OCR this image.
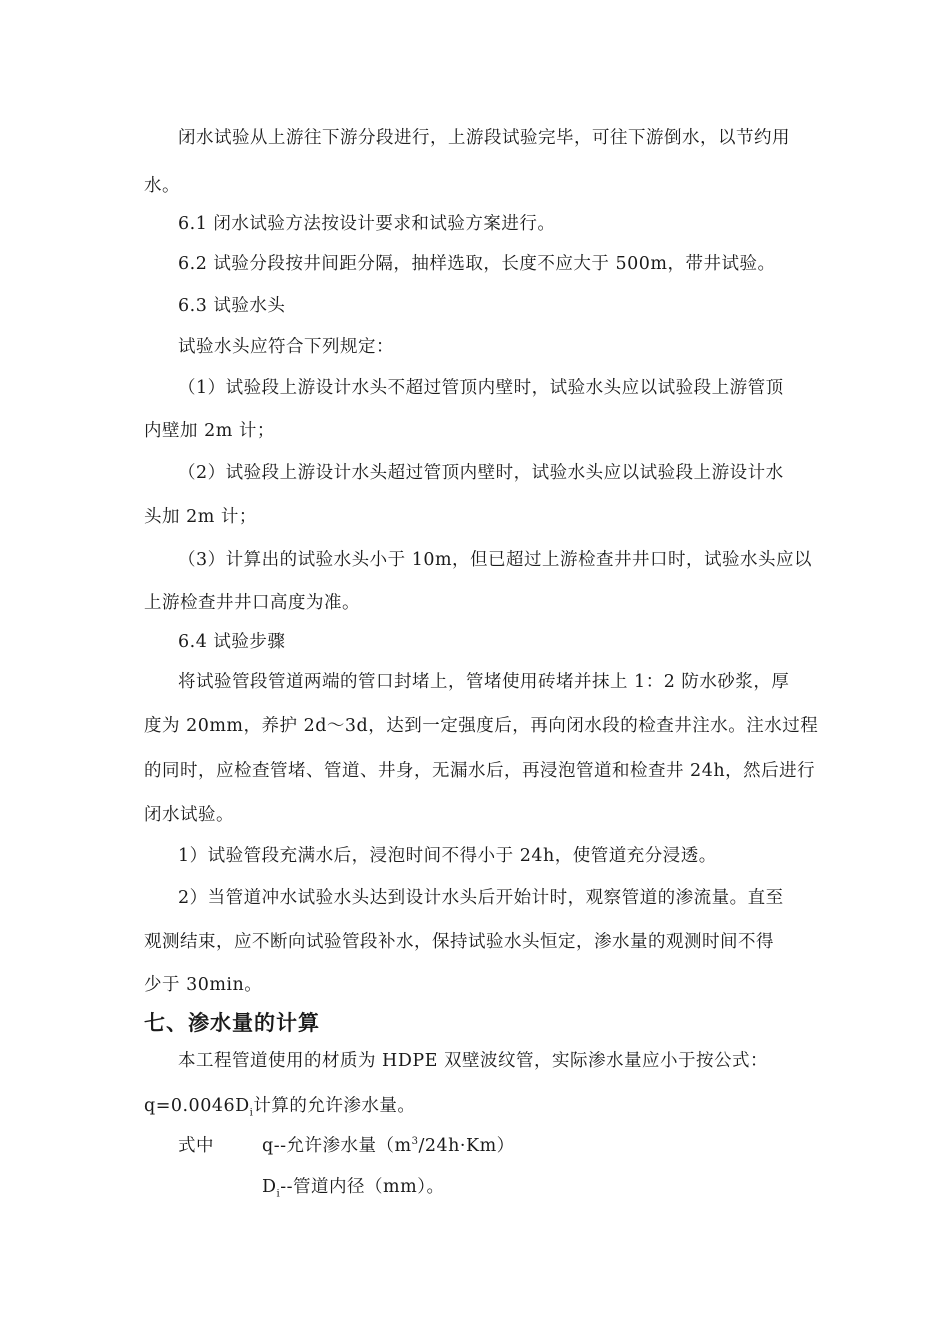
闭水试验从上游往下游分段进行，上游段试验完毕，可往下游倒水，以节约用
水。
6.1 闭水试验方法按设计要求和试验方案进行。
6.2 试验分段按井间距分隔，抽样选取，长度不应大于 500m，带井试验。
6.3 试验水头
试验水头应符合下列规定：
（1）试验段上游设计水头不超过管顶内壁时，试验水头应以试验段上游管顶
内壁加 2m 计；
（2）试验段上游设计水头超过管顶内壁时，试验水头应以试验段上游设计水
头加 2m 计；
（3）计算出的试验水头小于 10m，但已超过上游检查井井口时，试验水头应以
上游检查井井口高度为准。
6.4 试验步骤
将试验管段管道两端的管口封堵上，管堵使用砖堵并抹上 1：2 防水砂浆，厚
度为 20mm，养护 2d～3d，达到一定强度后，再向闭水段的检查井注水。注水过程
的同时，应检查管堵、管道、井身，无漏水后，再浸泡管道和检查井 24h，然后进行
闭水试验。
1）试验管段充满水后，浸泡时间不得小于 24h，使管道充分浸透。
2）当管道冲水试验水头达到设计水头后开始计时，观察管道的渗流量。直至
观测结束，应不断向试验管段补水，保持试验水头恒定，渗水量的观测时间不得
少于 30min。
七、渗水量的计算
本工程管道使用的材质为 HDPE 双壁波纹管，实际渗水量应小于按公式：
$q=0.0046D_i$计算的允许渗水量。
式中	q--允许渗水量$(m^3/24h\cdot Km)$
$D_i--$管道内径（mm）。
